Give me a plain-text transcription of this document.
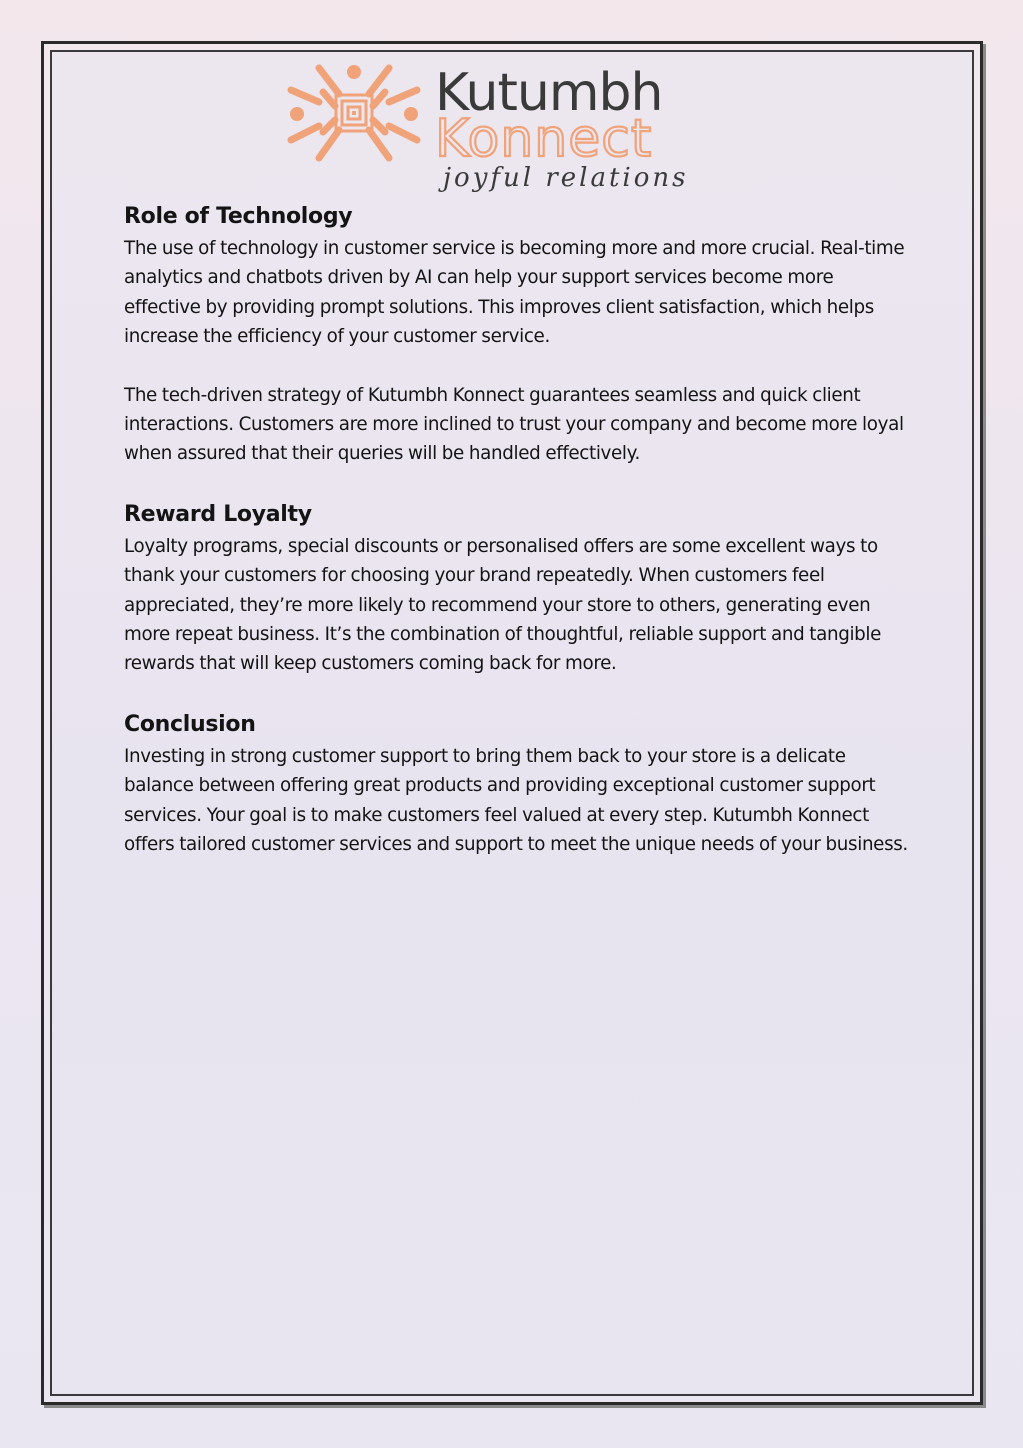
Kutumbh
Konnect
joyful relations
Role of Technology

The use of technology in customer service is becoming more and more crucial. Real-time analytics and chatbots driven by AI can help your support services become more effective by providing prompt solutions. This improves client satisfaction, which helps increase the efficiency of your customer service.

The tech-driven strategy of Kutumbh Konnect guarantees seamless and quick client interactions. Customers are more inclined to trust your company and become more loyal when assured that their queries will be handled effectively.

Reward Loyalty

Loyalty programs, special discounts or personalised offers are some excellent ways to thank your customers for choosing your brand repeatedly. When customers feel appreciated, they’re more likely to recommend your store to others, generating even more repeat business. It’s the combination of thoughtful, reliable support and tangible rewards that will keep customers coming back for more.

Conclusion

Investing in strong customer support to bring them back to your store is a delicate balance between offering great products and providing exceptional customer support services. Your goal is to make customers feel valued at every step. Kutumbh Konnect offers tailored customer services and support to meet the unique needs of your business.
